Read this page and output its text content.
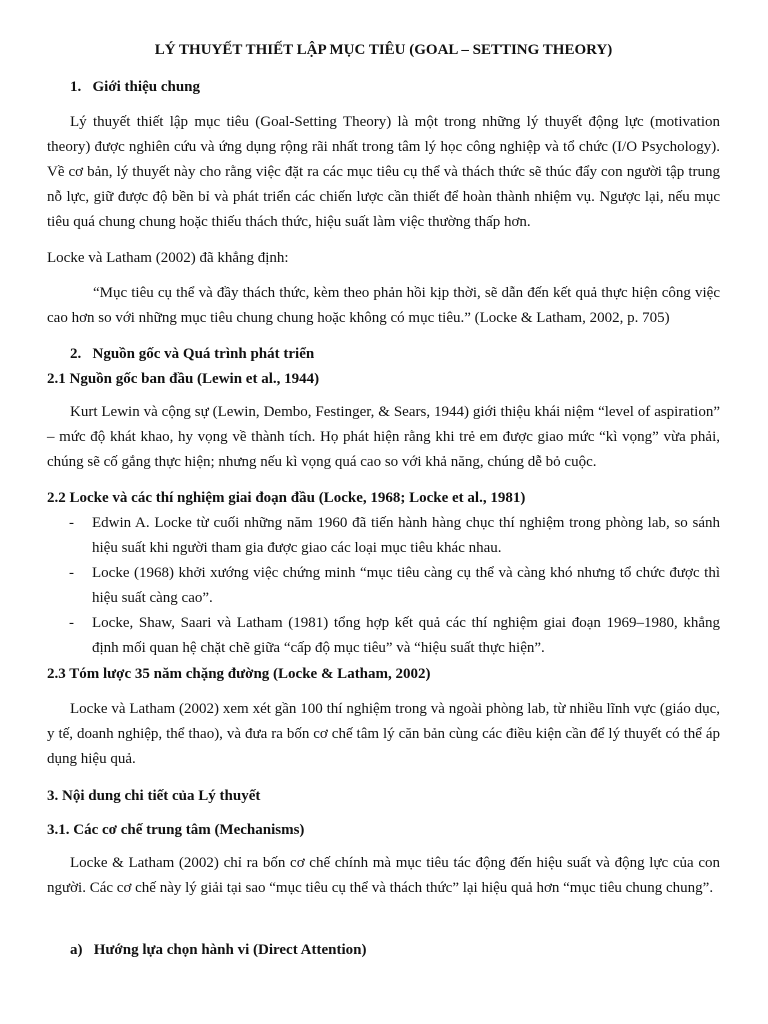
LÝ THUYẾT THIẾT LẬP MỤC TIÊU (GOAL – SETTING THEORY)
1. Giới thiệu chung

Lý thuyết thiết lập mục tiêu (Goal-Setting Theory) là một trong những lý thuyết động lực (motivation theory) được nghiên cứu và ứng dụng rộng rãi nhất trong tâm lý học công nghiệp và tổ chức (I/O Psychology). Về cơ bản, lý thuyết này cho rằng việc đặt ra các mục tiêu cụ thể và thách thức sẽ thúc đẩy con người tập trung nỗ lực, giữ được độ bền bỉ và phát triển các chiến lược cần thiết để hoàn thành nhiệm vụ. Ngược lại, nếu mục tiêu quá chung chung hoặc thiếu thách thức, hiệu suất làm việc thường thấp hơn.

Locke và Latham (2002) đã khẳng định:

“Mục tiêu cụ thể và đầy thách thức, kèm theo phản hồi kịp thời, sẽ dẫn đến kết quả thực hiện công việc cao hơn so với những mục tiêu chung chung hoặc không có mục tiêu.” (Locke & Latham, 2002, p. 705)

2. Nguồn gốc và Quá trình phát triển
2.1 Nguồn gốc ban đầu (Lewin et al., 1944)

Kurt Lewin và cộng sự (Lewin, Dembo, Festinger, & Sears, 1944) giới thiệu khái niệm “level of aspiration” – mức độ khát khao, hy vọng về thành tích. Họ phát hiện rằng khi trẻ em được giao mức “kì vọng” vừa phải, chúng sẽ cố gắng thực hiện; nhưng nếu kì vọng quá cao so với khả năng, chúng dễ bỏ cuộc.

2.2 Locke và các thí nghiệm giai đoạn đầu (Locke, 1968; Locke et al., 1981)
- Edwin A. Locke từ cuối những năm 1960 đã tiến hành hàng chục thí nghiệm trong phòng lab, so sánh hiệu suất khi người tham gia được giao các loại mục tiêu khác nhau.
- Locke (1968) khởi xướng việc chứng minh “mục tiêu càng cụ thể và càng khó nhưng tổ chức được thì hiệu suất càng cao”.
- Locke, Shaw, Saari và Latham (1981) tổng hợp kết quả các thí nghiệm giai đoạn 1969–1980, khẳng định mối quan hệ chặt chẽ giữa “cấp độ mục tiêu” và “hiệu suất thực hiện”.
2.3 Tóm lược 35 năm chặng đường (Locke & Latham, 2002)

Locke và Latham (2002) xem xét gần 100 thí nghiệm trong và ngoài phòng lab, từ nhiều lĩnh vực (giáo dục, y tế, doanh nghiệp, thể thao), và đưa ra bốn cơ chế tâm lý căn bản cùng các điều kiện cần để lý thuyết có thể áp dụng hiệu quả.

3. Nội dung chi tiết của Lý thuyết
3.1. Các cơ chế trung tâm (Mechanisms)

Locke & Latham (2002) chỉ ra bốn cơ chế chính mà mục tiêu tác động đến hiệu suất và động lực của con người. Các cơ chế này lý giải tại sao “mục tiêu cụ thể và thách thức” lại hiệu quả hơn “mục tiêu chung chung”.

a) Hướng lựa chọn hành vi (Direct Attention)
